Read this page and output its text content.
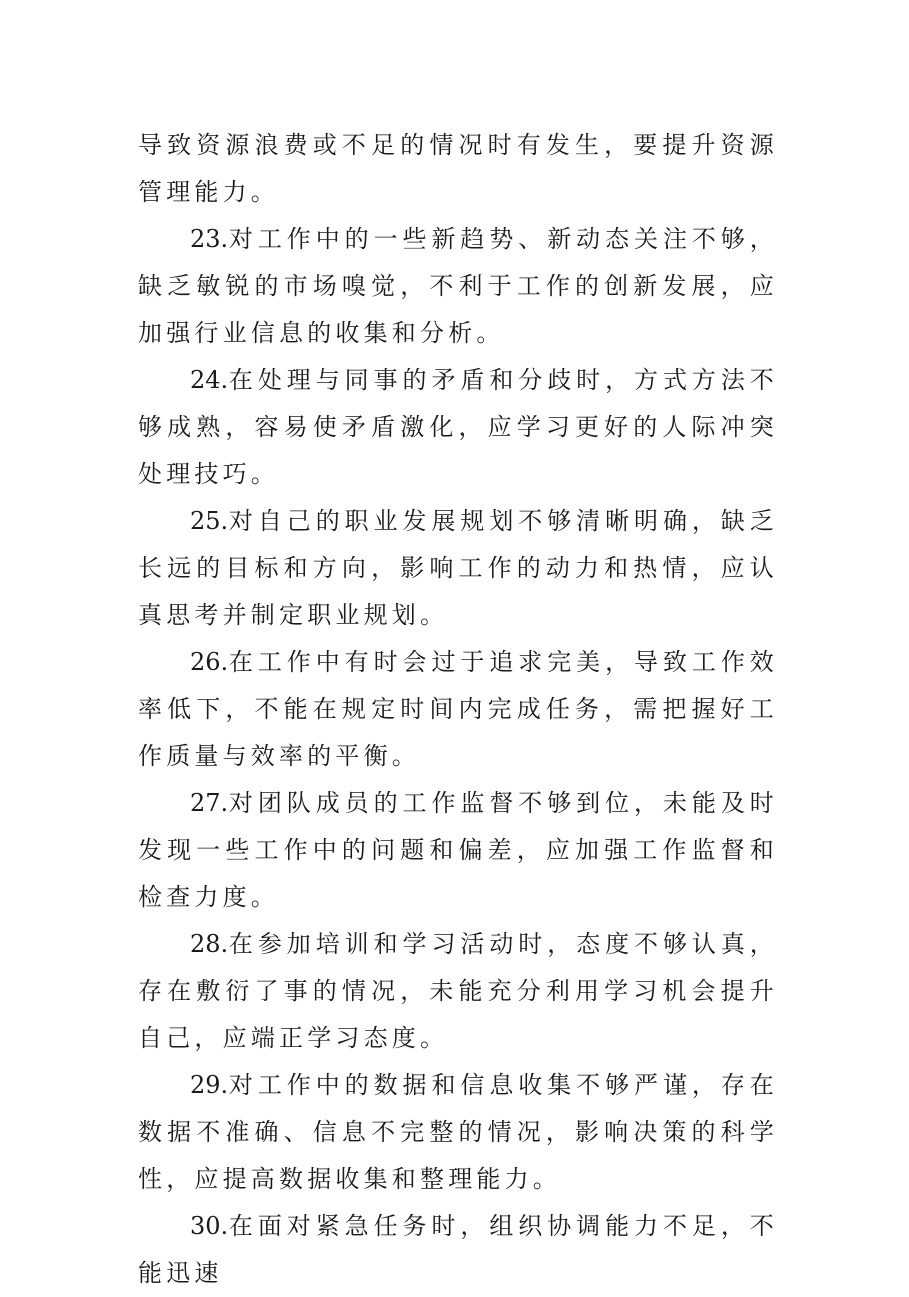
导致资源浪费或不足的情况时有发生，要提升资源管理能力。

23.对工作中的一些新趋势、新动态关注不够，缺乏敏锐的市场嗅觉，不利于工作的创新发展，应加强行业信息的收集和分析。

24.在处理与同事的矛盾和分歧时，方式方法不够成熟，容易使矛盾激化，应学习更好的人际冲突处理技巧。

25.对自己的职业发展规划不够清晰明确，缺乏长远的目标和方向，影响工作的动力和热情，应认真思考并制定职业规划。

26.在工作中有时会过于追求完美，导致工作效率低下，不能在规定时间内完成任务，需把握好工作质量与效率的平衡。

27.对团队成员的工作监督不够到位，未能及时发现一些工作中的问题和偏差，应加强工作监督和检查力度。

28.在参加培训和学习活动时，态度不够认真，存在敷衍了事的情况，未能充分利用学习机会提升自己，应端正学习态度。

29.对工作中的数据和信息收集不够严谨，存在数据不准确、信息不完整的情况，影响决策的科学性，应提高数据收集和整理能力。

30.在面对紧急任务时，组织协调能力不足，不能迅速
